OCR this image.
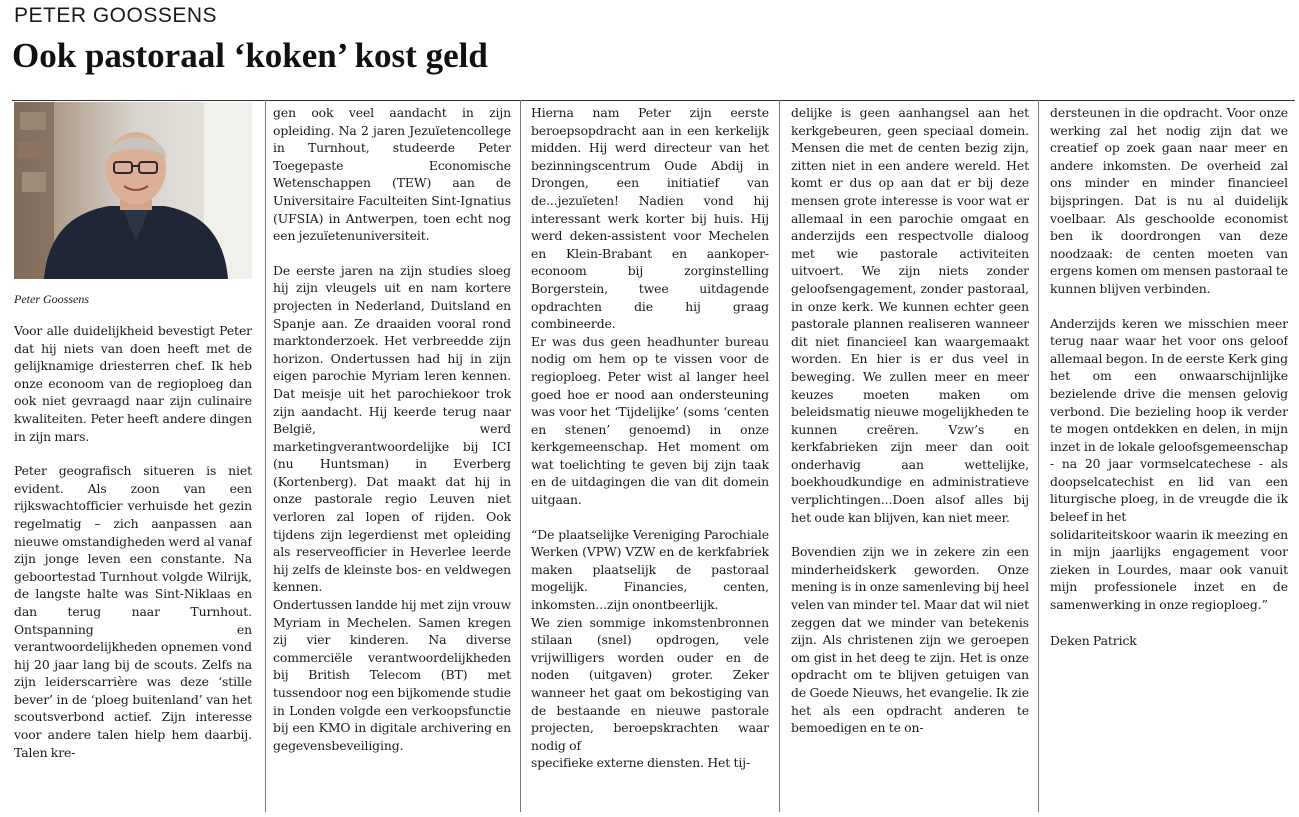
PETER GOOSSENS
Ook pastoraal ‘koken’ kost geld
Peter Goossens

Voor alle duidelijkheid bevestigt Peter dat hij niets van doen heeft met de gelijknamige driesterren chef. Ik heb onze econoom van de regioploeg dan ook niet gevraagd naar zijn culinaire kwaliteiten. Peter heeft andere dingen in zijn mars.

Peter geografisch situeren is niet evident. Als zoon van een rijkswachtofficier verhuisde het gezin regelmatig – zich aanpassen aan nieuwe omstandigheden werd al vanaf zijn jonge leven een constante. Na geboortestad Turnhout volgde Wilrijk, de langste halte was Sint-Niklaas en dan terug naar Turnhout. Ontspanning en verantwoordelijkheden opnemen vond hij 20 jaar lang bij de scouts. Zelfs na zijn leiderscarrière was deze ‘stille bever’ in de ‘ploeg buitenland’ van het scoutsverbond actief. Zijn interesse voor andere talen hielp hem daarbij. Talen kre-

gen ook veel aandacht in zijn opleiding. Na 2 jaren Jezuïetencollege in Turnhout, studeerde Peter Toegepaste Economische Wetenschappen (TEW) aan de Universitaire Faculteiten Sint-Ignatius (UFSIA) in Antwerpen, toen echt nog een jezuïetenuniversiteit.

De eerste jaren na zijn studies sloeg hij zijn vleugels uit en nam kortere projecten in Nederland, Duitsland en Spanje aan. Ze draaiden vooral rond marktonderzoek. Het verbreedde zijn horizon. Ondertussen had hij in zijn eigen parochie Myriam leren kennen. Dat meisje uit het parochiekoor trok zijn aandacht. Hij keerde terug naar België, werd marketingverantwoordelijke bij ICI (nu Huntsman) in Everberg (Kortenberg). Dat maakt dat hij in onze pastorale regio Leuven niet verloren zal lopen of rijden. Ook tijdens zijn legerdienst met opleiding als reserveofficier in Heverlee leerde hij zelfs de kleinste bos- en veldwegen kennen.

Ondertussen landde hij met zijn vrouw Myriam in Mechelen. Samen kregen zij vier kinderen. Na diverse commerciële verantwoordelijkheden bij British Telecom (BT) met tussendoor nog een bijkomende studie in Londen volgde een verkoopsfunctie bij een KMO in digitale archivering en gegevensbeveiliging.

Hierna nam Peter zijn eerste beroepsopdracht aan in een kerkelijk midden. Hij werd directeur van het bezinningscentrum Oude Abdij in Drongen, een initiatief van de...jezuïeten! Nadien vond hij interessant werk korter bij huis. Hij werd deken-assistent voor Mechelen en Klein-Brabant en aankoper-econoom bij zorginstelling Borgerstein, twee uitdagende opdrachten die hij graag combineerde.

Er was dus geen headhunter bureau nodig om hem op te vissen voor de regioploeg. Peter wist al langer heel goed hoe er nood aan ondersteuning was voor het ‘Tijdelijke’ (soms ‘centen en stenen’ genoemd) in onze kerkgemeenschap. Het moment om wat toelichting te geven bij zijn taak en de uitdagingen die van dit domein uitgaan.

“De plaatselijke Vereniging Parochiale Werken (VPW) VZW en de kerkfabriek maken plaatselijk de pastoraal mogelijk. Financies, centen, inkomsten...zijn onontbeerlijk.

We zien sommige inkomstenbronnen stilaan (snel) opdrogen, vele vrijwilligers worden ouder en de noden (uitgaven) groter. Zeker wanneer het gaat om bekostiging van de bestaande en nieuwe pastorale projecten, beroepskrachten waar nodig of

specifieke externe diensten. Het tij-

delijke is geen aanhangsel aan het kerkgebeuren, geen speciaal domein. Mensen die met de centen bezig zijn, zitten niet in een andere wereld. Het komt er dus op aan dat er bij deze mensen grote interesse is voor wat er allemaal in een parochie omgaat en anderzijds een respectvolle dialoog met wie pastorale activiteiten uitvoert. We zijn niets zonder geloofsengagement, zonder pastoraal, in onze kerk. We kunnen echter geen pastorale plannen realiseren wanneer dit niet financieel kan waargemaakt worden. En hier is er dus veel in beweging. We zullen meer en meer keuzes moeten maken om beleidsmatig nieuwe mogelijkheden te kunnen creëren. Vzw’s en kerkfabrieken zijn meer dan ooit onderhavig aan wettelijke, boekhoudkundige en administratieve verplichtingen...Doen alsof alles bij het oude kan blijven, kan niet meer.

Bovendien zijn we in zekere zin een minderheidskerk geworden. Onze mening is in onze samenleving bij heel velen van minder tel. Maar dat wil niet zeggen dat we minder van betekenis zijn. Als christenen zijn we geroepen om gist in het deeg te zijn. Het is onze opdracht om te blijven getuigen van de Goede Nieuws, het evangelie. Ik zie het als een opdracht anderen te bemoedigen en te on-

dersteunen in die opdracht. Voor onze werking zal het nodig zijn dat we creatief op zoek gaan naar meer en andere inkomsten. De overheid zal ons minder en minder financieel bijspringen. Dat is nu al duidelijk voelbaar. Als geschoolde economist ben ik doordrongen van deze noodzaak: de centen moeten van ergens komen om mensen pastoraal te kunnen blijven verbinden.

Anderzijds keren we misschien meer terug naar waar het voor ons geloof allemaal begon. In de eerste Kerk ging het om een onwaarschijnlijke bezielende drive die mensen gelovig verbond. Die bezieling hoop ik verder te mogen ontdekken en delen, in mijn inzet in de lokale geloofsgemeenschap - na 20 jaar vormselcatechese - als doopselcatechist en lid van een liturgische ploeg, in de vreugde die ik beleef in het

solidariteitskoor waarin ik meezing en in mijn jaarlijks engagement voor zieken in Lourdes, maar ook vanuit mijn professionele inzet en de samenwerking in onze regioploeg.”

Deken Patrick
